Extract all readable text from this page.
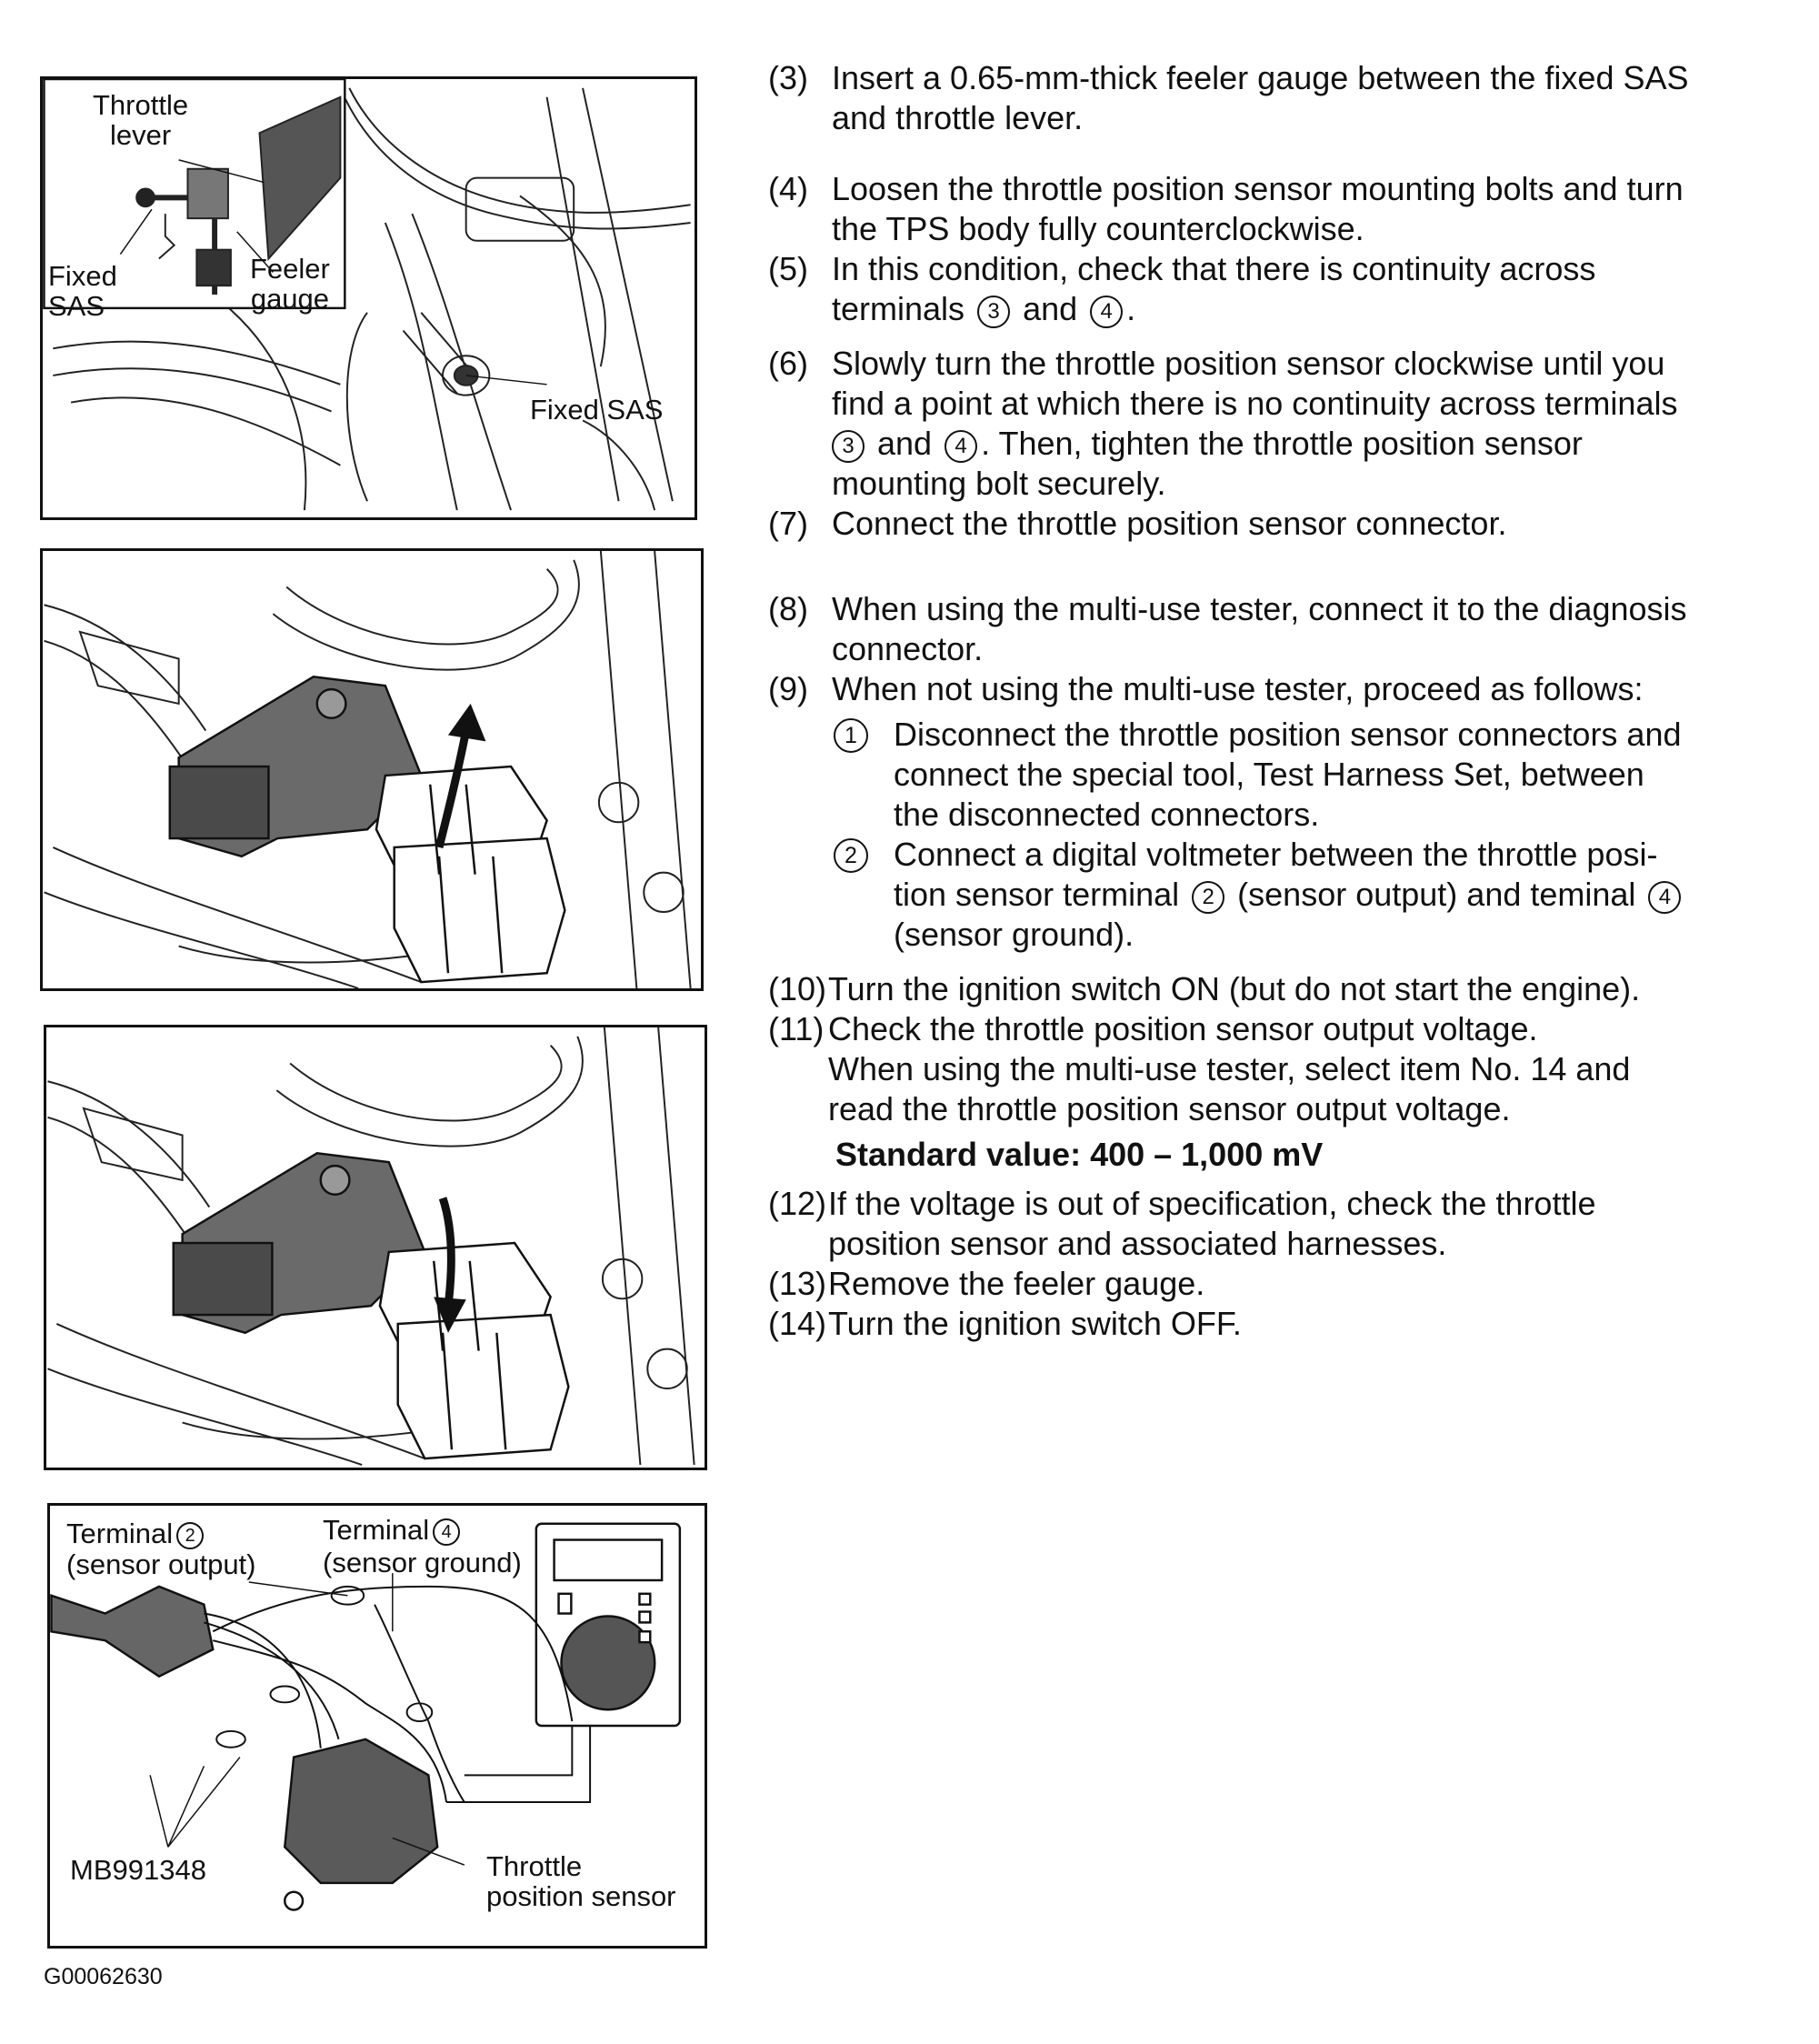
Throttle
lever
Fixed
SAS
Feeler
gauge
Fixed SAS
Terminal 2
(sensor output)
Terminal 4
(sensor ground)
MB991348	Throttle
position sensor
G00062630
(3) Insert a 0.65-mm-thick feeler gauge between the fixed SAS
and throttle lever.
(4) Loosen the throttle position sensor mounting bolts and turn
the TPS body fully counterclockwise.
(5) In this condition, check that there is continuity across
terminals 3 and 4 .
(6) Slowly turn the throttle position sensor clockwise until you
find a point at which there is no continuity across terminals
3 and 4 . Then, tighten the throttle position sensor
mounting bolt securely.
(7) Connect the throttle position sensor connector.
(8) When using the multi-use tester, connect it to the diagnosis
connector.
(9) When not using the multi-use tester, proceed as follows:
1	Disconnect the throttle position sensor connectors and
connect the special tool, Test Harness Set, between
the disconnected connectors.
2	Connect a digital voltmeter between the throttle posi-
tion sensor terminal 2 (sensor output) and teminal 4
(sensor ground).
(10) Turn the ignition switch ON (but do not start the engine).
(11) Check the throttle position sensor output voltage.
When using the multi-use tester, select item No. 14 and
read the throttle position sensor output voltage.
Standard value: 400 – 1,000 mV
(12) If the voltage is out of specification, check the throttle
position sensor and associated harnesses.
(13) Remove the feeler gauge.
(14) Turn the ignition switch OFF.
